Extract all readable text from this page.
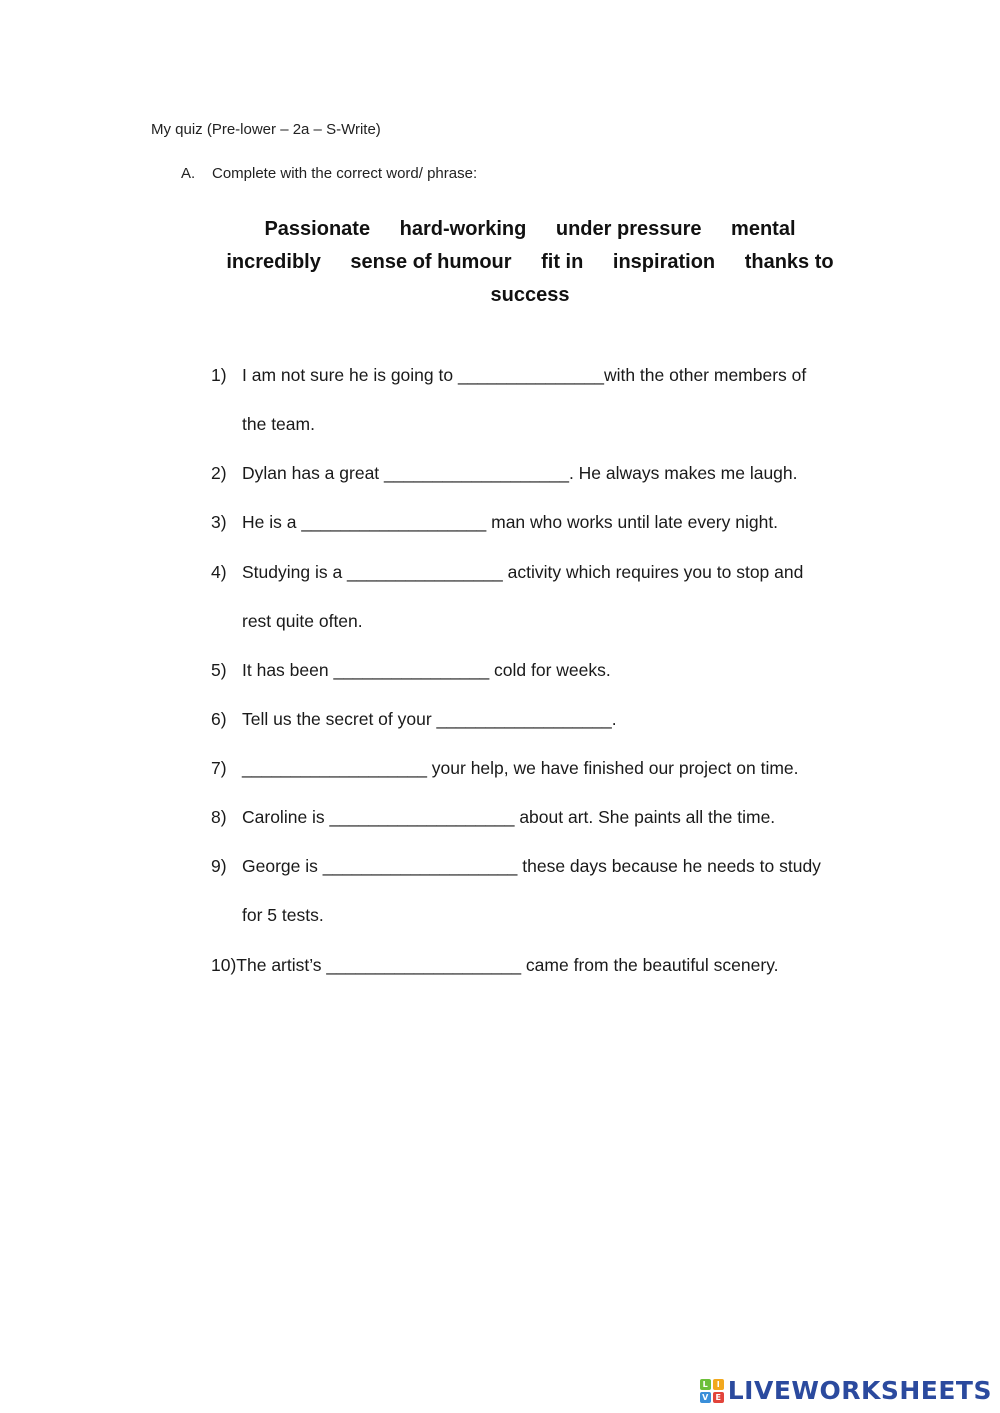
My quiz (Pre-lower – 2a – S-Write)
A. Complete with the correct word/ phrase:
Passionate hard-working under pressure mental
incredibly sense of humour fit in inspiration thanks to
success
1) I am not sure he is going to _______________with the other members of
the team.
2) Dylan has a great ___________________. He always makes me laugh.
3) He is a ___________________ man who works until late every night.
4) Studying is a ________________ activity which requires you to stop and
rest quite often.
5) It has been ________________ cold for weeks.
6) Tell us the secret of your __________________.
7) ___________________ your help, we have finished our project on time.
8) Caroline is ___________________ about art. She paints all the time.
9) George is ____________________ these days because he needs to study
for 5 tests.
10)The artist’s ____________________ came from the beautiful scenery.
L	I
V E LIVEWORKSHEETS
